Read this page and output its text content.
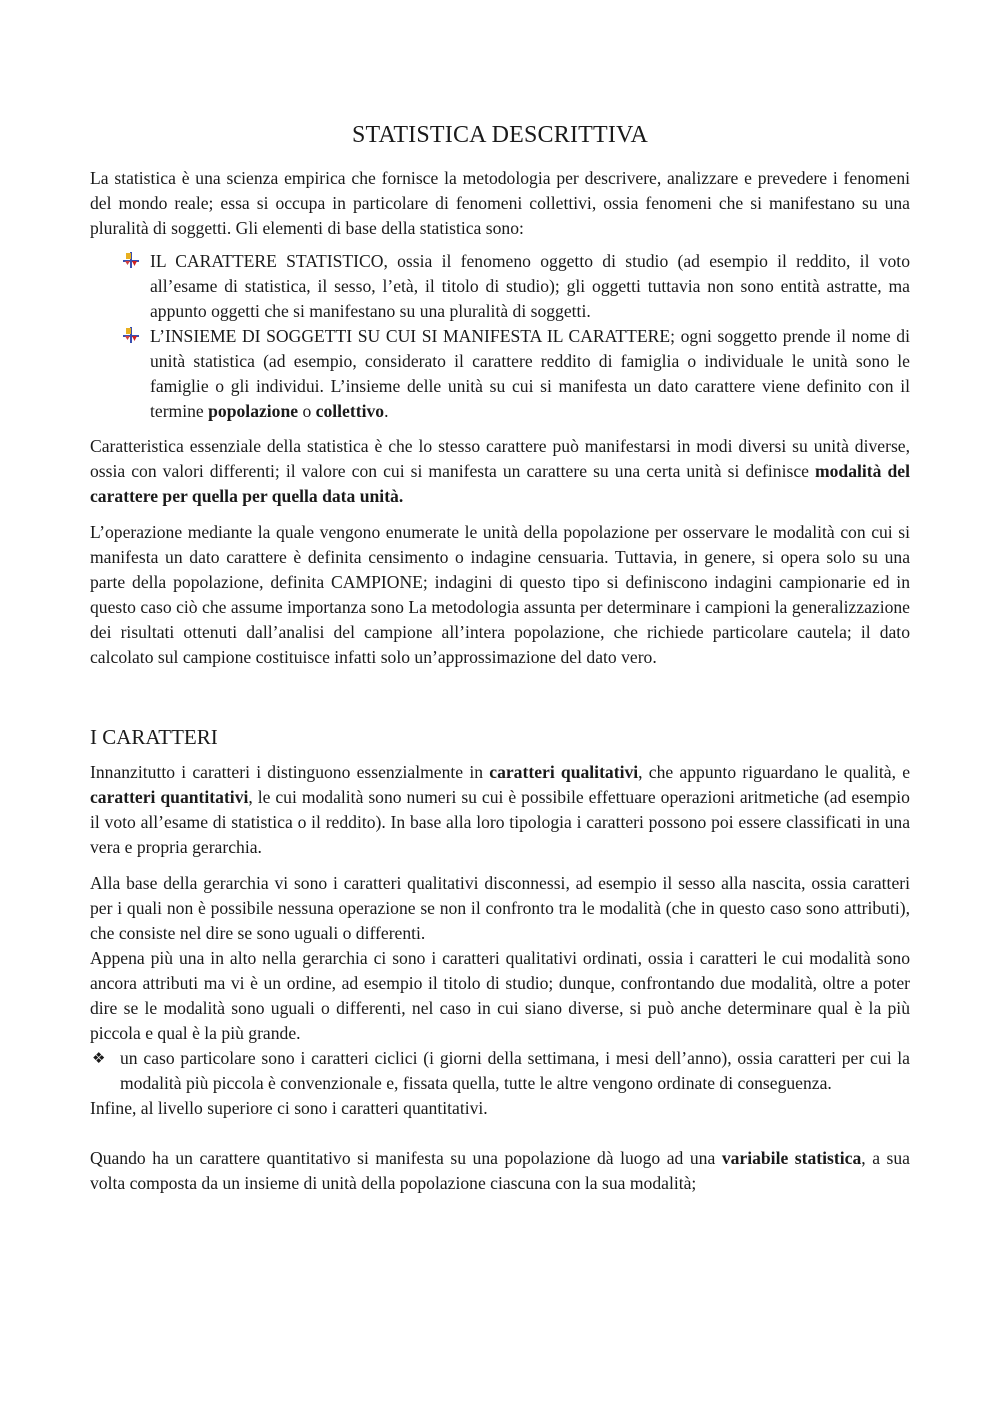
STATISTICA DESCRITTIVA

La statistica è una scienza empirica che fornisce la metodologia per descrivere, analizzare e prevedere i fenomeni del mondo reale; essa si occupa in particolare di fenomeni collettivi, ossia fenomeni che si manifestano su una pluralità di soggetti. Gli elementi di base della statistica sono:

IL CARATTERE STATISTICO, ossia il fenomeno oggetto di studio (ad esempio il reddito, il voto all’esame di statistica, il sesso, l’età, il titolo di studio); gli oggetti tuttavia non sono entità astratte, ma appunto oggetti che si manifestano su una pluralità di soggetti.
L’INSIEME DI SOGGETTI SU CUI SI MANIFESTA IL CARATTERE; ogni soggetto prende il nome di unità statistica (ad esempio, considerato il carattere reddito di famiglia o individuale le unità sono le famiglie o gli individui. L’insieme delle unità su cui si manifesta un dato carattere viene definito con il termine popolazione o collettivo.

Caratteristica essenziale della statistica è che lo stesso carattere può manifestarsi in modi diversi su unità diverse, ossia con valori differenti; il valore con cui si manifesta un carattere su una certa unità si definisce modalità del carattere per quella per quella data unità.

L’operazione mediante la quale vengono enumerate le unità della popolazione per osservare le modalità con cui si manifesta un dato carattere è definita censimento o indagine censuaria. Tuttavia, in genere, si opera solo su una parte della popolazione, definita CAMPIONE; indagini di questo tipo si definiscono indagini campionarie ed in questo caso ciò che assume importanza sono La metodologia assunta per determinare i campioni la generalizzazione dei risultati ottenuti dall’analisi del campione all’intera popolazione, che richiede particolare cautela; il dato calcolato sul campione costituisce infatti solo un’approssimazione del dato vero.

I CARATTERI

Innanzitutto i caratteri i distinguono essenzialmente in caratteri qualitativi, che appunto riguardano le qualità, e caratteri quantitativi, le cui modalità sono numeri su cui è possibile effettuare operazioni aritmetiche (ad esempio il voto all’esame di statistica o il reddito). In base alla loro tipologia i caratteri possono poi essere classificati in una vera e propria gerarchia.

Alla base della gerarchia vi sono i caratteri qualitativi disconnessi, ad esempio il sesso alla nascita, ossia caratteri per i quali non è possibile nessuna operazione se non il confronto tra le modalità (che in questo caso sono attributi), che consiste nel dire se sono uguali o differenti.

Appena più una in alto nella gerarchia ci sono i caratteri qualitativi ordinati, ossia i caratteri le cui modalità sono ancora attributi ma vi è un ordine, ad esempio il titolo di studio; dunque, confrontando due modalità, oltre a poter dire se le modalità sono uguali o differenti, nel caso in cui siano diverse, si può anche determinare qual è la più piccola e qual è la più grande.

❖ un caso particolare sono i caratteri ciclici (i giorni della settimana, i mesi dell’anno), ossia caratteri per cui la modalità più piccola è convenzionale e, fissata quella, tutte le altre vengono ordinate di conseguenza.

Infine, al livello superiore ci sono i caratteri quantitativi.

Quando ha un carattere quantitativo si manifesta su una popolazione dà luogo ad una variabile statistica, a sua volta composta da un insieme di unità della popolazione ciascuna con la sua modalità;
